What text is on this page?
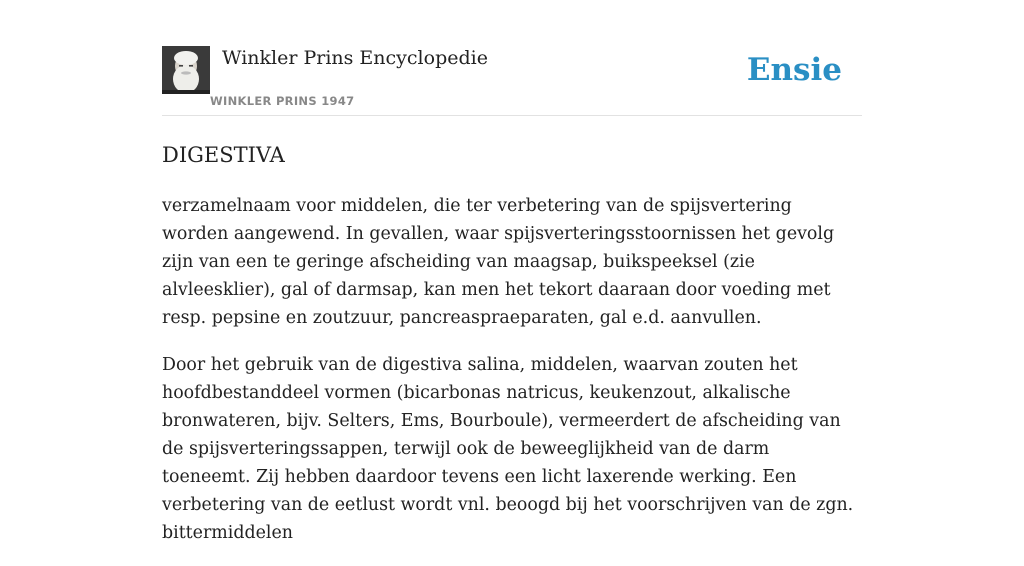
Winkler Prins Encyclopedie
WINKLER PRINS 1947
Ensie
DIGESTIVA

verzamelnaam voor middelen, die ter verbetering van de spijsvertering worden aangewend. In gevallen, waar spijsverteringsstoornissen het gevolg zijn van een te geringe afscheiding van maagsap, buikspeeksel (zie alvleesklier), gal of darmsap, kan men het tekort daaraan door voeding met resp. pepsine en zoutzuur, pancreaspraeparaten, gal e.d. aanvullen.

Door het gebruik van de digestiva salina, middelen, waarvan zouten het hoofdbestanddeel vormen (bicarbonas natricus, keukenzout, alkalische bronwateren, bijv. Selters, Ems, Bourboule), vermeerdert de afscheiding van de spijsverteringssappen, terwijl ook de beweeglijkheid van de darm toeneemt. Zij hebben daardoor tevens een licht laxerende werking. Een verbetering van de eetlust wordt vnl. beoogd bij het voorschrijven van de zgn. bittermiddelen
